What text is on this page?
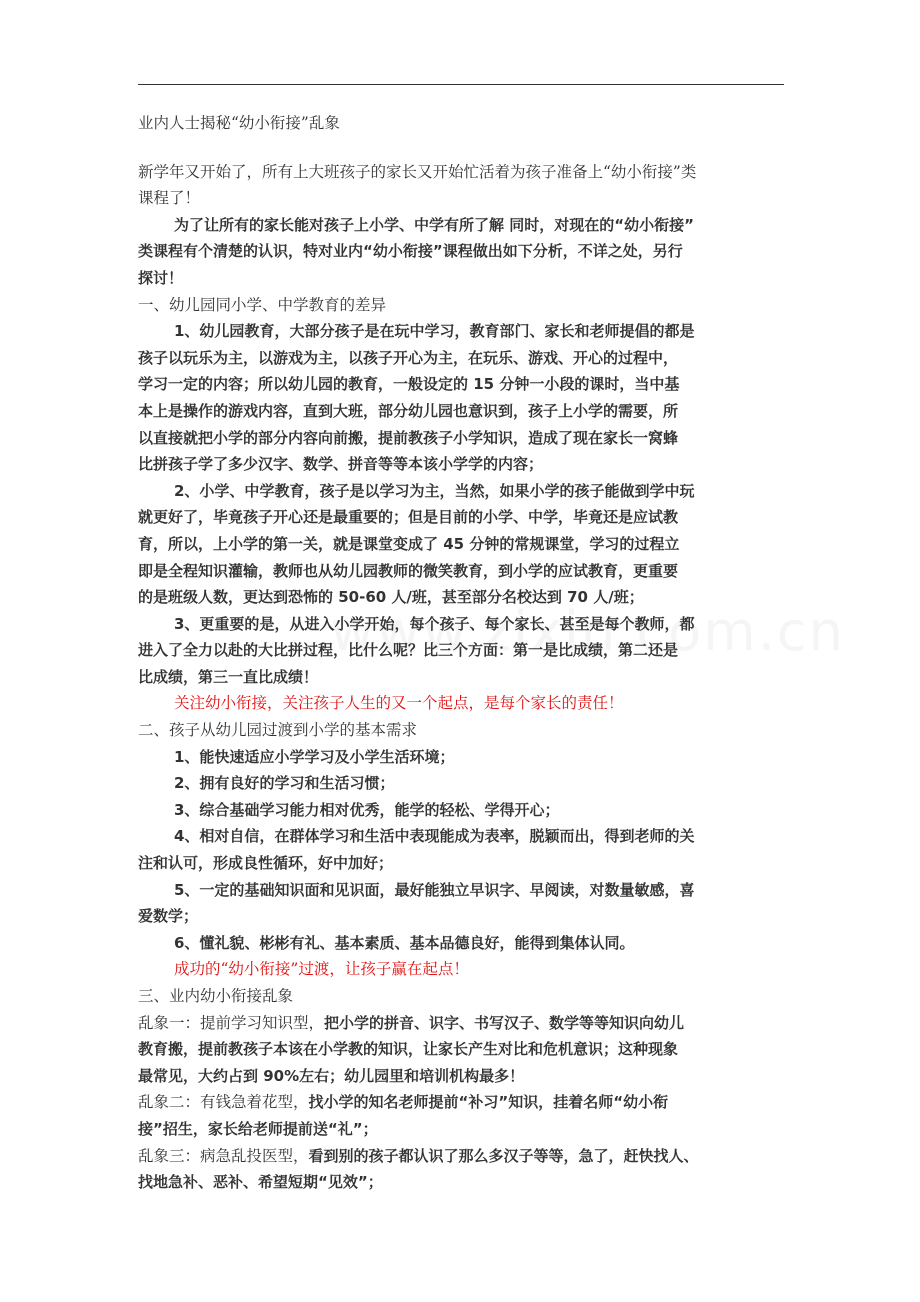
业内人士揭秘“幼小衔接”乱象
新学年又开始了，所有上大班孩子的家长又开始忙活着为孩子准备上“幼小衔接”类
课程了！
为了让所有的家长能对孩子上小学、中学有所了解 同时，对现在的“幼小衔接”
类课程有个清楚的认识，特对业内“幼小衔接”课程做出如下分析，不详之处，另行
探讨！
一、幼儿园同小学、中学教育的差异
1、幼儿园教育，大部分孩子是在玩中学习，教育部门、家长和老师提倡的都是
孩子以玩乐为主，以游戏为主，以孩子开心为主，在玩乐、游戏、开心的过程中，
学习一定的内容；所以幼儿园的教育，一般设定的 15 分钟一小段的课时，当中基
本上是操作的游戏内容，直到大班，部分幼儿园也意识到，孩子上小学的需要，所
以直接就把小学的部分内容向前搬，提前教孩子小学知识，造成了现在家长一窝蜂
比拼孩子学了多少汉字、数学、拼音等等本该小学学的内容；
2、小学、中学教育，孩子是以学习为主，当然，如果小学的孩子能做到学中玩
就更好了，毕竟孩子开心还是最重要的；但是目前的小学、中学，毕竟还是应试教
育，所以，上小学的第一关，就是课堂变成了 45 分钟的常规课堂，学习的过程立
即是全程知识灌输，教师也从幼儿园教师的微笑教育，到小学的应试教育，更重要
的是班级人数，更达到恐怖的 50-60 人/班，甚至部分名校达到 70 人/班；
3、更重要的是，从进入小学开始，每个孩子、每个家长、甚至是每个教师，都
进入了全力以赴的大比拼过程，比什么呢？比三个方面：第一是比成绩，第二还是
比成绩，第三一直比成绩！
关注幼小衔接，关注孩子人生的又一个起点，是每个家长的责任！
二、孩子从幼儿园过渡到小学的基本需求
1、能快速适应小学学习及小学生活环境；
2、拥有良好的学习和生活习惯；
3、综合基础学习能力相对优秀，能学的轻松、学得开心；
4、相对自信，在群体学习和生活中表现能成为表率，脱颖而出，得到老师的关
注和认可，形成良性循环，好中加好；
5、一定的基础知识面和见识面，最好能独立早识字、早阅读，对数量敏感，喜
爱数学；
6、懂礼貌、彬彬有礼、基本素质、基本品德良好，能得到集体认同。
成功的“幼小衔接”过渡，让孩子赢在起点！
三、业内幼小衔接乱象
乱象一：提前学习知识型，把小学的拼音、识字、书写汉子、数学等等知识向幼儿
教育搬，提前教孩子本该在小学教的知识，让家长产生对比和危机意识；这种现象
最常见，大约占到 90%左右；幼儿园里和培训机构最多！
乱象二：有钱急着花型，找小学的知名老师提前“补习”知识，挂着名师“幼小衔
接”招生，家长给老师提前送“礼”；
乱象三：病急乱投医型，看到别的孩子都认识了那么多汉子等等，急了，赶快找人、
找地急补、恶补、希望短期“见效”；
